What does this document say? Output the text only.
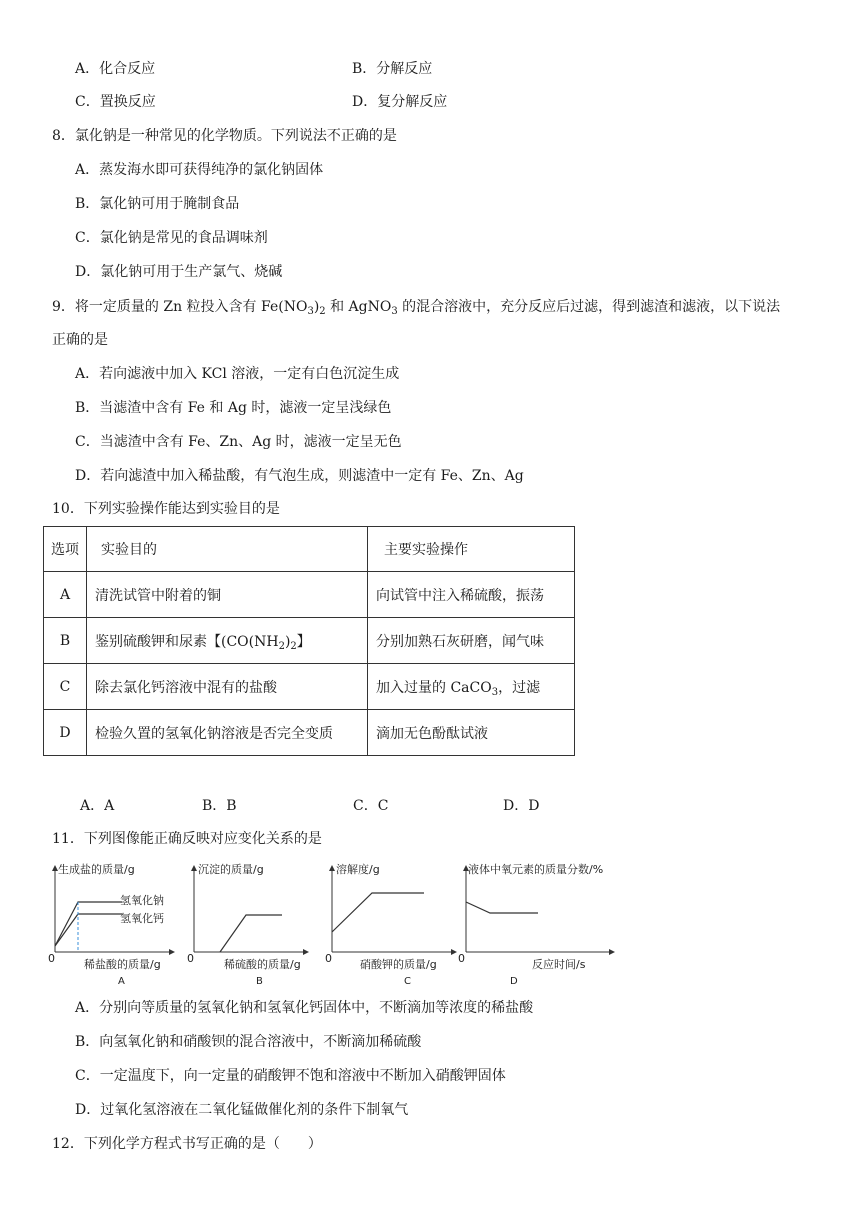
A．化合反应	B．分解反应
C．置换反应	D．复分解反应
8．氯化钠是一种常见的化学物质。下列说法不正确的是
A．蒸发海水即可获得纯净的氯化钠固体
B．氯化钠可用于腌制食品
C．氯化钠是常见的食品调味剂
D．氯化钠可用于生产氯气、烧碱
9．将一定质量的 Zn 粒投入含有 $Fe(NO_3)_2$ 和 AgNO$_3$ 的混合溶液中，充分反应后过滤，得到滤渣和滤液，以下说法
正确的是
A．若向滤液中加入 KCl 溶液，一定有白色沉淀生成
B．当滤渣中含有 Fe 和 Ag 时，滤液一定呈浅绿色
C．当滤渣中含有 Fe、Zn、Ag 时，滤液一定呈无色
D．若向滤渣中加入稀盐酸，有气泡生成，则滤渣中一定有 Fe、Zn、Ag
10．下列实验操作能达到实验目的是
选项	实验目的	主要实验操作
A	清洗试管中附着的铜	向试管中注入稀硫酸，振荡
B	鉴别硫酸钾和尿素【($CO(NH_2)_2$】	分别加熟石灰研磨，闻气味
C	除去氯化钙溶液中混有的盐酸	加入过量的 CaCO$_3$，过滤
D	检验久置的氢氧化钠溶液是否完全变质	滴加无色酚酞试液
A．A	B．B	C．C	D．D
11．下列图像能正确反映对应变化关系的是
生成盐的质量/g
0	稀盐酸的质量/g
A
氢氧化钠
氢氧化钙
沉淀的质量/g
0	稀硫酸的质量/g
B
溶解度/g
0	硝酸钾的质量/g
C
液体中氧元素的质量分数/%
0	反应时间/s
D
A．分别向等质量的氢氧化钠和氢氧化钙固体中，不断滴加等浓度的稀盐酸
B．向氢氧化钠和硝酸钡的混合溶液中，不断滴加稀硫酸
C．一定温度下，向一定量的硝酸钾不饱和溶液中不断加入硝酸钾固体
D．过氧化氢溶液在二氧化锰做催化剂的条件下制氧气
12．下列化学方程式书写正确的是（　　）
